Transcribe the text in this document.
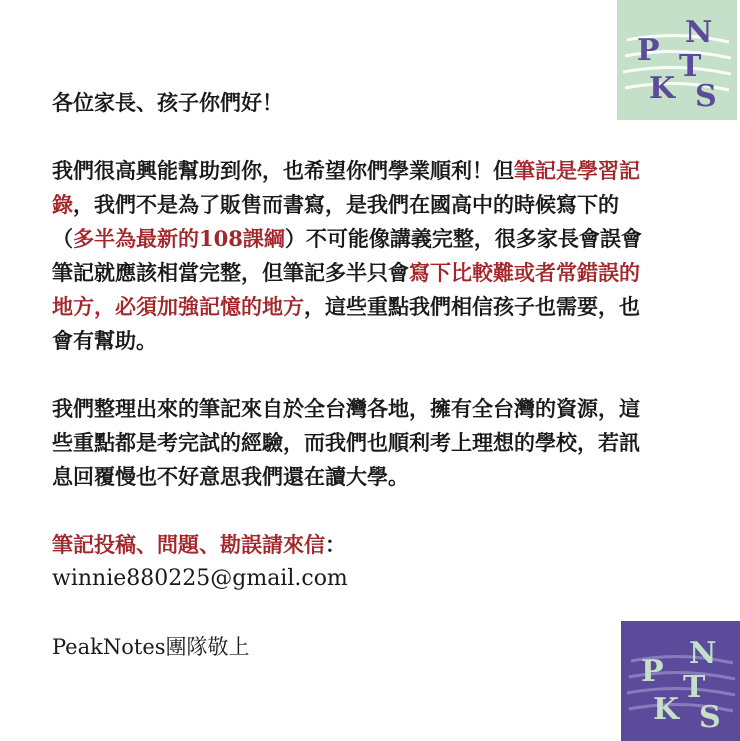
P
N
T
K S

各位家長、孩子你們好！

我們很高興能幫助到你，也希望你們學業順利！但筆記是學習記錄，我們不是為了販售而書寫，是我們在國高中的時候寫下的（多半為最新的108課綱）不可能像講義完整，很多家長會誤會筆記就應該相當完整，但筆記多半只會寫下比較難或者常錯誤的地方，必須加強記憶的地方，這些重點我們相信孩子也需要，也會有幫助。

我們整理出來的筆記來自於全台灣各地，擁有全台灣的資源，這些重點都是考完試的經驗，而我們也順利考上理想的學校，若訊息回覆慢也不好意思我們還在讀大學。

筆記投稿、問題、勘誤請來信：

winnie880225@gmail.com

PeakNotes團隊敬上

P
N
T
K S
